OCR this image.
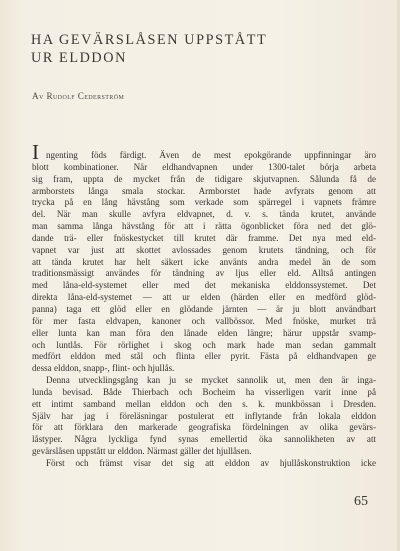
HA GEVÄRSLÅSEN UPPSTÅTT
UR ELDDON

Av Rudolf Cederström

I ngenting föds färdigt. Även de mest epokgörande uppfinningar äro
blott kombinationer. När eldhandvapnen under 1300-talet börja arbeta
sig fram, uppta de mycket från de tidigare skjutvapnen. Sålunda få de
armborstets långa smala stockar. Armborstet hade avfyrats genom att
trycka på en lång hävstång som verkade som spärregel i vapnets främre
del. När man skulle avfyra eldvapnet, d. v. s. tända krutet, använde
man samma långa hävstång för att i rätta ögonblicket föra ned det glö-
dande trä- eller fnöskestycket till krutet där framme. Det nya med eld-
vapnet var just att skottet avlossades genom krutets tändning, och för
att tända krutet har helt säkert icke använts andra medel än de som
traditionsmässigt användes för tändning av ljus eller eld. Alltså antingen
med låna-eld-systemet eller med det mekaniska elddonssystemet. Det
direkta låna-eld-systemet — att ur elden (härden eller en medförd glöd-
panna) taga ett glöd eller en glödande järnten — är ju blott användbart
för mer fasta eldvapen, kanoner och vallbössor. Med fnöske, murket trä
eller lunta kan man föra den lånade elden längre; härur uppstår svamp-
och luntlås. För rörlighet i skog och mark hade man sedan gammalt
medfört elddon med stål och flinta eller pyrit. Fästa på eldhandvapen ge
dessa elddon, snapp-, flint- och hjullås.
Denna utvecklingsgång kan ju se mycket sannolik ut, men den är inga-
lunda bevisad. Både Thierbach och Bocheim ha visserligen varit inne på
ett intimt samband mellan elddon och den s. k. munkbössan i Dresden.
Själv har jag i föreläsningar postulerat ett inflytande från lokala elddon
för att förklara den markerade geografiska fördelningen av olika gevärs-
låstyper. Några lyckliga fynd synas emellertid öka sannolikheten av att
gevärslåsen uppstått ur elddon. Närmast gäller det hjullåsen.
Först och främst visar det sig att elddon av hjullåskonstruktion icke

65
